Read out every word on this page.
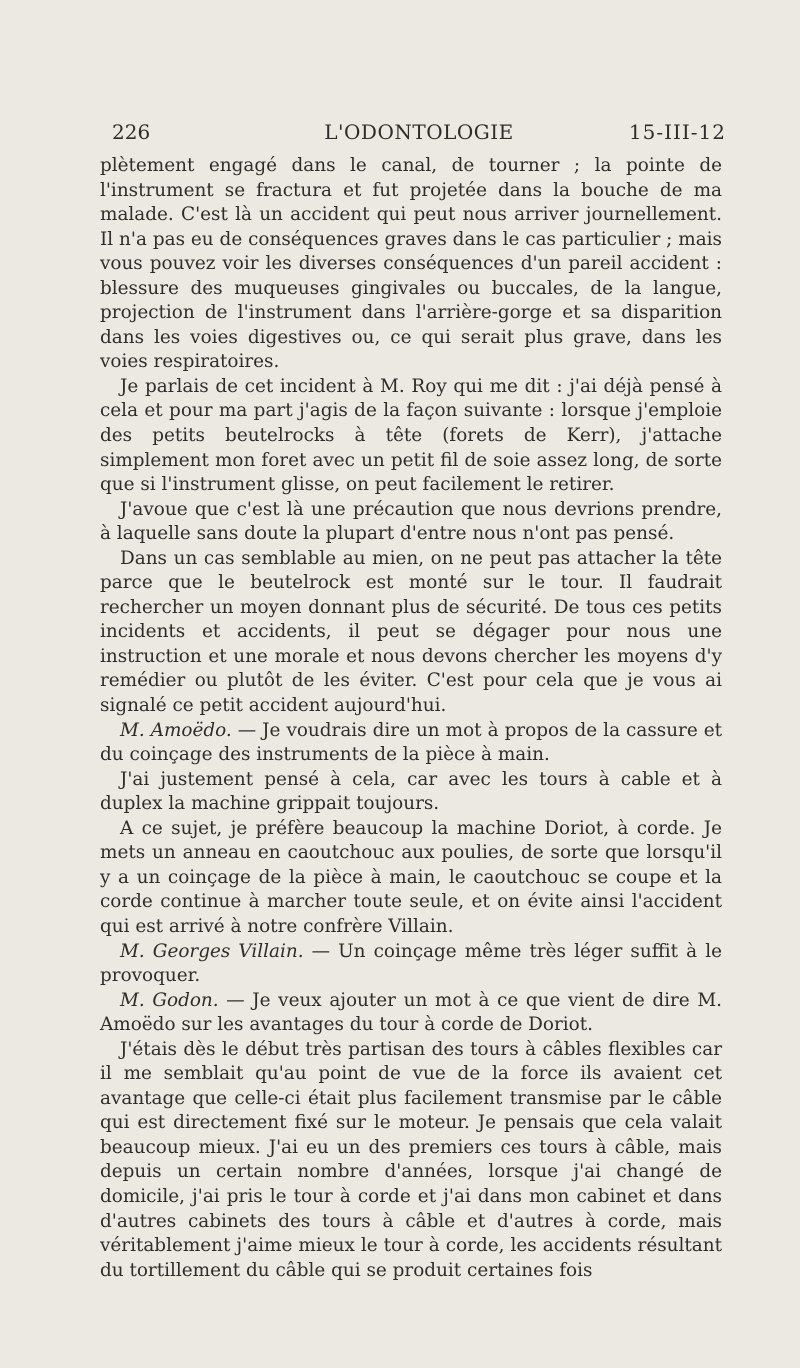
226	L'ODONTOLOGIE	15-III-12

plètement engagé dans le canal, de tourner ; la pointe de l'instrument se fractura et fut projetée dans la bouche de ma malade. C'est là un accident qui peut nous arriver journellement. Il n'a pas eu de conséquences graves dans le cas particulier ; mais vous pouvez voir les diverses conséquences d'un pareil accident : blessure des muqueuses gingivales ou buccales, de la langue, projection de l'instrument dans l'arrière-gorge et sa disparition dans les voies digestives ou, ce qui serait plus grave, dans les voies respiratoires.

Je parlais de cet incident à M. Roy qui me dit : j'ai déjà pensé à cela et pour ma part j'agis de la façon suivante : lorsque j'emploie des petits beutelrocks à tête (forets de Kerr), j'attache simplement mon foret avec un petit fil de soie assez long, de sorte que si l'instrument glisse, on peut facilement le retirer.

J'avoue que c'est là une précaution que nous devrions prendre, à laquelle sans doute la plupart d'entre nous n'ont pas pensé.

Dans un cas semblable au mien, on ne peut pas attacher la tête parce que le beutelrock est monté sur le tour. Il faudrait rechercher un moyen donnant plus de sécurité. De tous ces petits incidents et accidents, il peut se dégager pour nous une instruction et une morale et nous devons chercher les moyens d'y remédier ou plutôt de les éviter. C'est pour cela que je vous ai signalé ce petit accident aujourd'hui.

M. Amoëdo. — Je voudrais dire un mot à propos de la cassure et du coinçage des instruments de la pièce à main.

J'ai justement pensé à cela, car avec les tours à cable et à duplex la machine grippait toujours.

A ce sujet, je préfère beaucoup la machine Doriot, à corde. Je mets un anneau en caoutchouc aux poulies, de sorte que lorsqu'il y a un coinçage de la pièce à main, le caoutchouc se coupe et la corde continue à marcher toute seule, et on évite ainsi l'accident qui est arrivé à notre confrère Villain.

M. Georges Villain. — Un coinçage même très léger suffit à le provoquer.

M. Godon. — Je veux ajouter un mot à ce que vient de dire M. Amoëdo sur les avantages du tour à corde de Doriot.

J'étais dès le début très partisan des tours à câbles flexibles car il me semblait qu'au point de vue de la force ils avaient cet avantage que celle-ci était plus facilement transmise par le câble qui est directement fixé sur le moteur. Je pensais que cela valait beaucoup mieux. J'ai eu un des premiers ces tours à câble, mais depuis un certain nombre d'années, lorsque j'ai changé de domicile, j'ai pris le tour à corde et j'ai dans mon cabinet et dans d'autres cabinets des tours à câble et d'autres à corde, mais véritablement j'aime mieux le tour à corde, les accidents résultant du tortillement du câble qui se produit certaines fois
